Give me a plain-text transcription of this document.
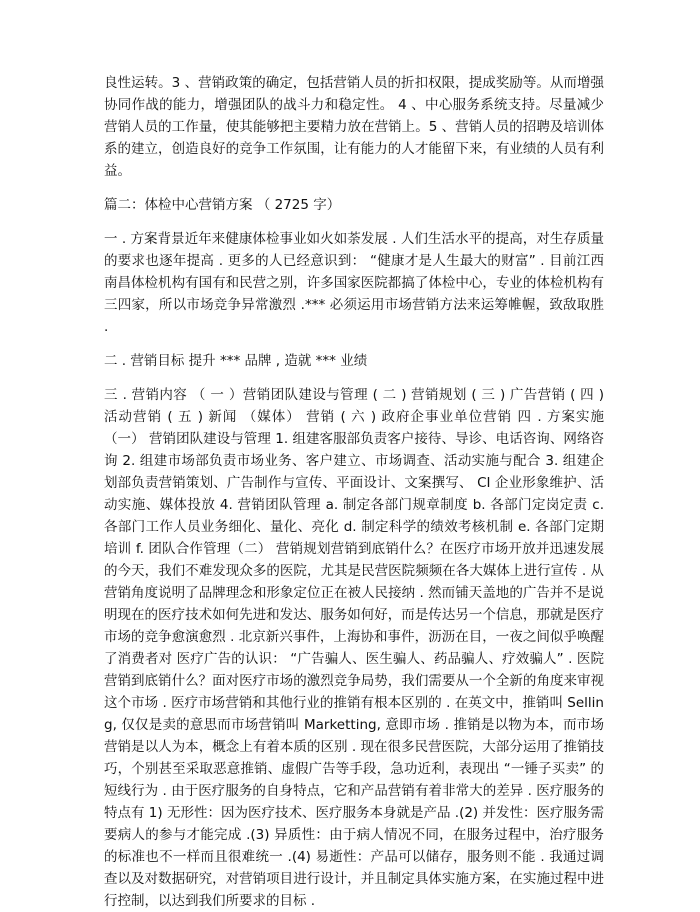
良性运转。3 、营销政策的确定，包括营销人员的折扣权限，提成奖励等。从而增强协同作战的能力，增强团队的战斗力和稳定性。 4 、中心服务系统支持。尽量减少营销人员的工作量，使其能够把主要精力放在营销上。5 、营销人员的招聘及培训体系的建立，创造良好的竞争工作氛围，让有能力的人才能留下来，有业绩的人员有利益。

篇二：体检中心营销方案 （ 2725 字）

一 . 方案背景近年来健康体检事业如火如荼发展 . 人们生活水平的提高，对生存质量的要求也逐年提高 . 更多的人已经意识到： “健康才是人生最大的财富” . 目前江西南昌体检机构有国有和民营之别，许多国家医院都搞了体检中心，专业的体检机构有三四家，所以市场竞争异常激烈 .*** 必须运用市场营销方法来运筹帷幄，致敌取胜 .

二 . 营销目标 提升 *** 品牌 , 造就 *** 业绩

三 . 营销内容 （ 一 ）营销团队建设与管理 ( 二 ) 营销规划 ( 三 ) 广告营销 ( 四 ) 活动营销 ( 五 ) 新闻 （媒体） 营销 ( 六 ) 政府企事业单位营销 四 . 方案实施 （一） 营销团队建设与管理 1. 组建客服部负责客户接待、导诊、电话咨询、网络咨询 2. 组建市场部负责市场业务、客户建立、市场调查、活动实施与配合 3. 组建企划部负责营销策划、广告制作与宣传、平面设计、文案撰写、 CI 企业形象维护、活动实施、媒体投放 4. 营销团队管理 a. 制定各部门规章制度 b. 各部门定岗定责 c. 各部门工作人员业务细化、量化、亮化 d. 制定科学的绩效考核机制 e. 各部门定期培训 f. 团队合作管理（二） 营销规划营销到底销什么？在医疗市场开放并迅速发展的今天，我们不难发现众多的医院，尤其是民营医院频频在各大媒体上进行宣传 . 从营销角度说明了品牌理念和形象定位正在被人民接纳 . 然而铺天盖地的广告并不是说明现在的医疗技术如何先进和发达、服务如何好，而是传达另一个信息，那就是医疗市场的竞争愈演愈烈 . 北京新兴事件，上海协和事件，沥沥在目，一夜之间似乎唤醒了消费者对 医疗广告的认识： “广告骗人、医生骗人、药品骗人、疗效骗人” . 医院营销到底销什么？面对医疗市场的激烈竞争局势，我们需要从一个全新的角度来审视这个市场 . 医疗市场营销和其他行业的推销有根本区别的 . 在英文中，推销叫 Selling, 仅仅是卖的意思而市场营销叫 Marketting, 意即市场 . 推销是以物为本，而市场营销是以人为本，概念上有着本质的区别 . 现在很多民营医院，大部分运用了推销技巧，个别甚至采取恶意推销、虚假广告等手段，急功近利，表现出 “一锤子买卖” 的短线行为 . 由于医疗服务的自身特点，它和产品营销有着非常大的差异 . 医疗服务的特点有 1) 无形性：因为医疗技术、医疗服务本身就是产品 .(2) 并发性：医疗服务需要病人的参与才能完成 .(3) 异质性：由于病人情况不同，在服务过程中，治疗服务的标准也不一样而且很难统一 .(4) 易逝性：产品可以储存，服务则不能 . 我通过调查以及对数据研究，对营销项目进行设计，并且制定具体实施方案，在实施过程中进行控制，以达到我们所要求的目标 .
